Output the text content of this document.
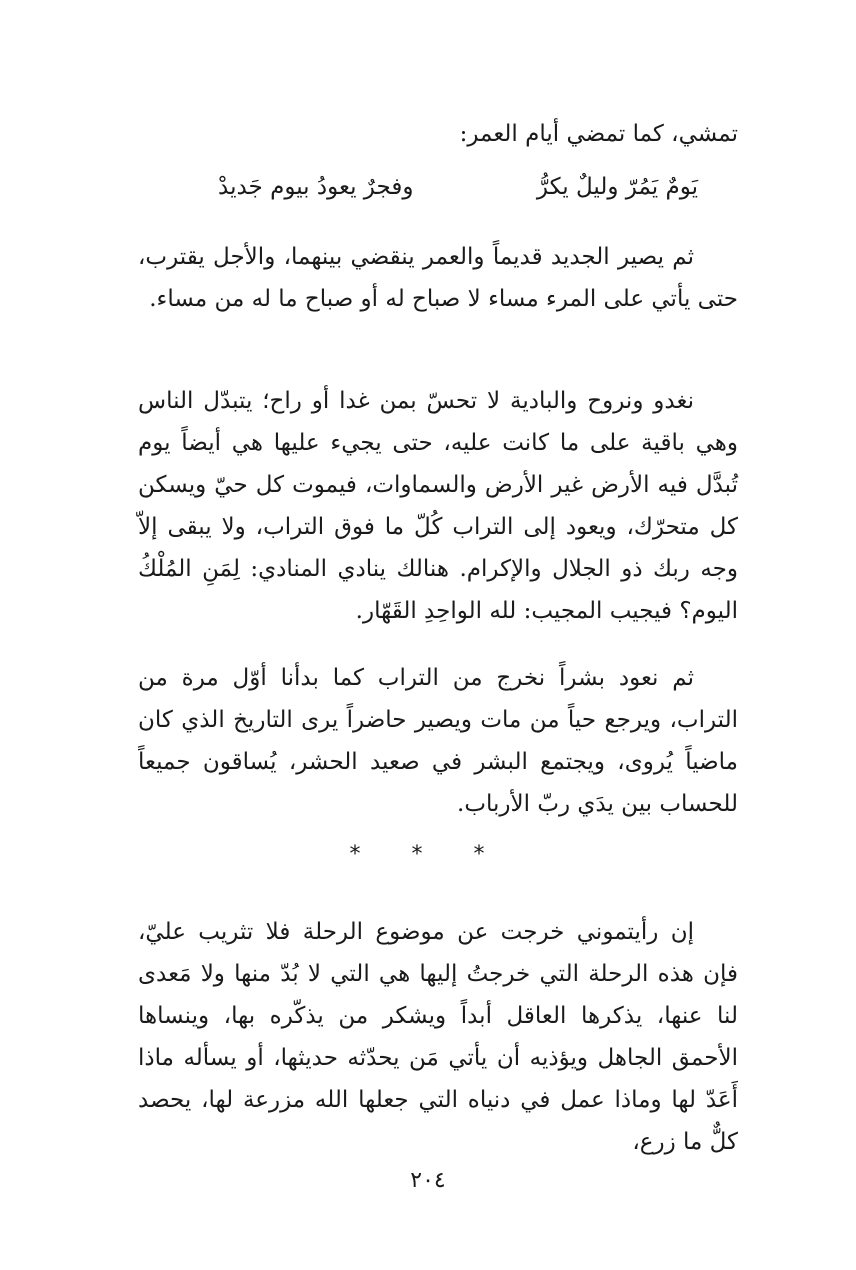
تمشي، كما تمضي أيام العمر:

يَومٌ يَمُرّ وليلٌ يكرُّ
وفجرٌ يعودُ بيوم جَديدْ

ثم يصير الجديد قديماً والعمر ينقضي بينهما، والأجل يقترب، حتى يأتي على المرء مساء لا صباح له أو صباح ما له من مساء.

نغدو ونروح والبادية لا تحسّ بمن غدا أو راح؛ يتبدّل الناس وهي باقية على ما كانت عليه، حتى يجيء عليها هي أيضاً يوم تُبدَّل فيه الأرض غير الأرض والسماوات، فيموت كل حيّ ويسكن كل متحرّك، ويعود إلى التراب كُلّ ما فوق التراب، ولا يبقى إلاّ وجه ربك ذو الجلال والإكرام. هنالك ينادي المنادي: لِمَنِ المُلْكُ اليوم؟ فيجيب المجيب: لله الواحِدِ القَهّار.

ثم نعود بشراً نخرج من التراب كما بدأنا أوّل مرة من التراب، ويرجع حياً من مات ويصير حاضراً يرى التاريخ الذي كان ماضياً يُروى، ويجتمع البشر في صعيد الحشر، يُساقون جميعاً للحساب بين يدَي ربّ الأرباب.

* * *

إن رأيتموني خرجت عن موضوع الرحلة فلا تثريب عليّ، فإن هذه الرحلة التي خرجتُ إليها هي التي لا بُدّ منها ولا مَعدى لنا عنها، يذكرها العاقل أبداً ويشكر من يذكّره بها، وينساها الأحمق الجاهل ويؤذيه أن يأتي مَن يحدّثه حديثها، أو يسأله ماذا أَعَدّ لها وماذا عمل في دنياه التي جعلها الله مزرعة لها، يحصد كلٌّ ما زرع،

٢٠٤
